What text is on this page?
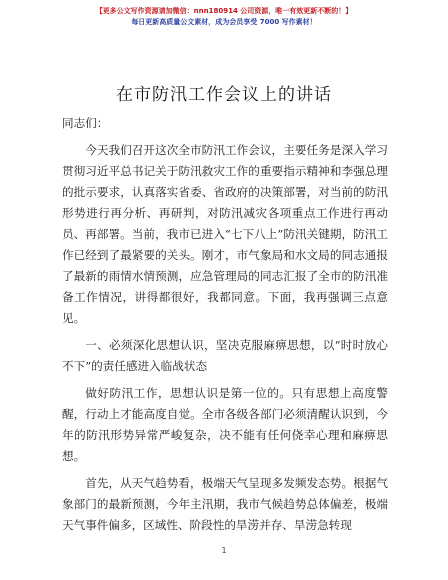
【更多公文写作资源请加微信：nnn180914 公司资源，唯一有效更新不断的！】
每日更新高质量公文素材，成为会员享受 7000 写作素材！
在市防汛工作会议上的讲话

同志们：

今天我们召开这次全市防汛工作会议，主要任务是深入学习贯彻习近平总书记关于防汛救灾工作的重要指示精神和李强总理的批示要求，认真落实省委、省政府的决策部署，对当前的防汛形势进行再分析、再研判，对防汛减灾各项重点工作进行再动员、再部署。当前，我市已进入“七下八上”防汛关键期，防汛工作已经到了最紧要的关头。刚才，市气象局和水文局的同志通报了最新的雨情水情预测，应急管理局的同志汇报了全市的防汛准备工作情况，讲得都很好，我都同意。下面，我再强调三点意见。

一、必须深化思想认识，坚决克服麻痹思想，以“时时放心不下”的责任感进入临战状态

做好防汛工作，思想认识是第一位的。只有思想上高度警醒，行动上才能高度自觉。全市各级各部门必须清醒认识到，今年的防汛形势异常严峻复杂，决不能有任何侥幸心理和麻痹思想。

首先，从天气趋势看，极端天气呈现多发频发态势。根据气象部门的最新预测，今年主汛期，我市气候趋势总体偏差，极端天气事件偏多，区域性、阶段性的旱涝并存、旱涝急转现

1
